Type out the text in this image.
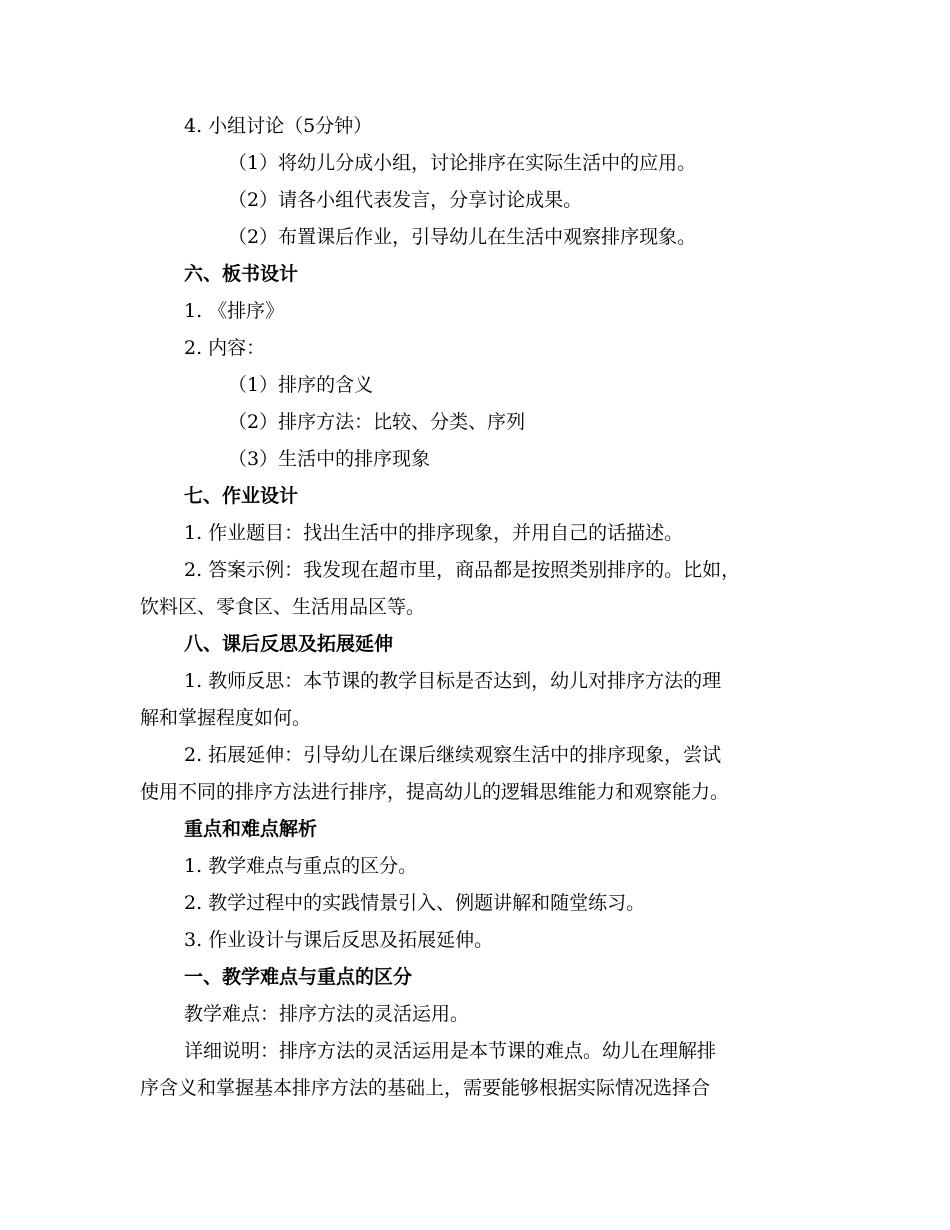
4. 小组讨论（5分钟）
（1）将幼儿分成小组，讨论排序在实际生活中的应用。
（2）请各小组代表发言，分享讨论成果。
（2）布置课后作业，引导幼儿在生活中观察排序现象。
六、板书设计
1. 《排序》
2. 内容：
（1）排序的含义
（2）排序方法：比较、分类、序列
（3）生活中的排序现象
七、作业设计
1. 作业题目：找出生活中的排序现象，并用自己的话描述。
2. 答案示例：我发现在超市里，商品都是按照类别排序的。比如，
饮料区、零食区、生活用品区等。
八、课后反思及拓展延伸
1. 教师反思：本节课的教学目标是否达到，幼儿对排序方法的理
解和掌握程度如何。
2. 拓展延伸：引导幼儿在课后继续观察生活中的排序现象，尝试
使用不同的排序方法进行排序，提高幼儿的逻辑思维能力和观察能力。
重点和难点解析
1. 教学难点与重点的区分。
2. 教学过程中的实践情景引入、例题讲解和随堂练习。
3. 作业设计与课后反思及拓展延伸。
一、教学难点与重点的区分
教学难点：排序方法的灵活运用。
详细说明：排序方法的灵活运用是本节课的难点。幼儿在理解排
序含义和掌握基本排序方法的基础上，需要能够根据实际情况选择合
